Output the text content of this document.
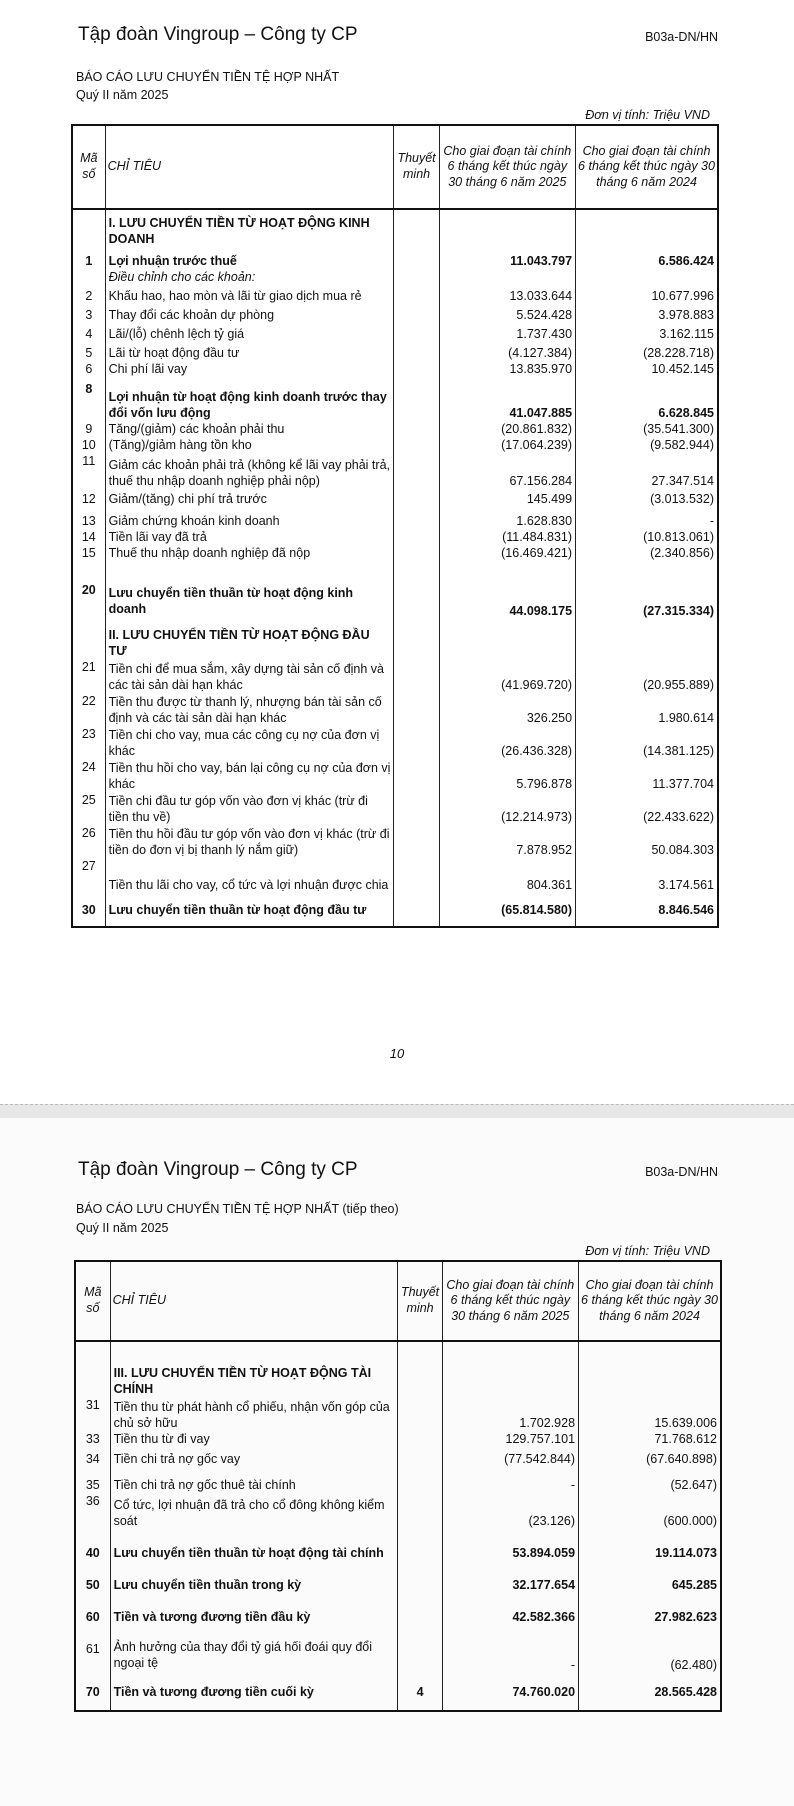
Tập đoàn Vingroup – Công ty CP	B03a-DN/HN
BÁO CÁO LƯU CHUYỂN TIỀN TỆ HỢP NHẤT
Quý II năm 2025
Đơn vị tính: Triệu VND
Mã số	CHỈ TIÊU	Thuyết minh	Cho giai đoạn tài chính 6 tháng kết thúc ngày 30 tháng 6 năm 2025	Cho giai đoạn tài chính 6 tháng kết thúc ngày 30 tháng 6 năm 2024
	I. LƯU CHUYỂN TIỀN TỪ HOẠT ĐỘNG KINH DOANH			
1	Lợi nhuận trước thuế		11.043.797	6.586.424
	Điều chỉnh cho các khoản:			
2	Khấu hao, hao mòn và lãi từ giao dịch mua rẻ		13.033.644	10.677.996
3	Thay đổi các khoản dự phòng		5.524.428	3.978.883
4	Lãi/(lỗ) chênh lệch tỷ giá		1.737.430	3.162.115
5	Lãi từ hoạt động đầu tư		(4.127.384)	(28.228.718)
6	Chi phí lãi vay		13.835.970	10.452.145
8	Lợi nhuận từ hoạt động kinh doanh trước thay đổi vốn lưu động		41.047.885	6.628.845
9	Tăng/(giảm) các khoản phải thu		(20.861.832)	(35.541.300)
10	(Tăng)/giảm hàng tồn kho		(17.064.239)	(9.582.944)
11	Giảm các khoản phải trả (không kể lãi vay phải trả, thuế thu nhập doanh nghiệp phải nộp)		67.156.284	27.347.514
12	Giảm/(tăng) chi phí trả trước		145.499	(3.013.532)
13	Giảm chứng khoán kinh doanh		1.628.830	-
14	Tiền lãi vay đã trả		(11.484.831)	(10.813.061)
15	Thuế thu nhập doanh nghiệp đã nộp		(16.469.421)	(2.340.856)
20	Lưu chuyển tiền thuần từ hoạt động kinh doanh		44.098.175	(27.315.334)
	II. LƯU CHUYỂN TIỀN TỪ HOẠT ĐỘNG ĐẦU TƯ			
21	Tiền chi để mua sắm, xây dựng tài sản cố định và các tài sản dài hạn khác		(41.969.720)	(20.955.889)
22	Tiền thu được từ thanh lý, nhượng bán tài sản cố định và các tài sản dài hạn khác		326.250	1.980.614
23	Tiền chi cho vay, mua các công cụ nợ của đơn vị khác		(26.436.328)	(14.381.125)
24	Tiền thu hồi cho vay, bán lại công cụ nợ của đơn vị khác		5.796.878	11.377.704
25	Tiền chi đầu tư góp vốn vào đơn vị khác (trừ đi tiền thu về)		(12.214.973)	(22.433.622)
26	Tiền thu hồi đầu tư góp vốn vào đơn vị khác (trừ đi tiền do đơn vị bị thanh lý nắm giữ)		7.878.952	50.084.303
27	Tiền thu lãi cho vay, cổ tức và lợi nhuận được chia		804.361	3.174.561
30	Lưu chuyển tiền thuần từ hoạt động đầu tư		(65.814.580)	8.846.546
10
Tập đoàn Vingroup – Công ty CP	B03a-DN/HN
BÁO CÁO LƯU CHUYỂN TIỀN TỆ HỢP NHẤT (tiếp theo)
Quý II năm 2025
Đơn vị tính: Triệu VND
Mã số	CHỈ TIÊU	Thuyết minh	Cho giai đoạn tài chính 6 tháng kết thúc ngày 30 tháng 6 năm 2025	Cho giai đoạn tài chính 6 tháng kết thúc ngày 30 tháng 6 năm 2024
	III. LƯU CHUYỂN TIỀN TỪ HOẠT ĐỘNG TÀI CHÍNH			
31	Tiền thu từ phát hành cổ phiếu, nhận vốn góp của chủ sở hữu		1.702.928	15.639.006
33	Tiền thu từ đi vay		129.757.101	71.768.612
34	Tiền chi trả nợ gốc vay		(77.542.844)	(67.640.898)
35	Tiền chi trả nợ gốc thuê tài chính		-	(52.647)
36	Cổ tức, lợi nhuận đã trả cho cổ đông không kiểm soát		(23.126)	(600.000)
40	Lưu chuyển tiền thuần từ hoạt động tài chính		53.894.059	19.114.073
50	Lưu chuyển tiền thuần trong kỳ		32.177.654	645.285
60	Tiền và tương đương tiền đầu kỳ		42.582.366	27.982.623
61	Ảnh hưởng của thay đổi tỷ giá hối đoái quy đổi ngoại tệ		-	(62.480)
70	Tiền và tương đương tiền cuối kỳ	4	74.760.020	28.565.428
